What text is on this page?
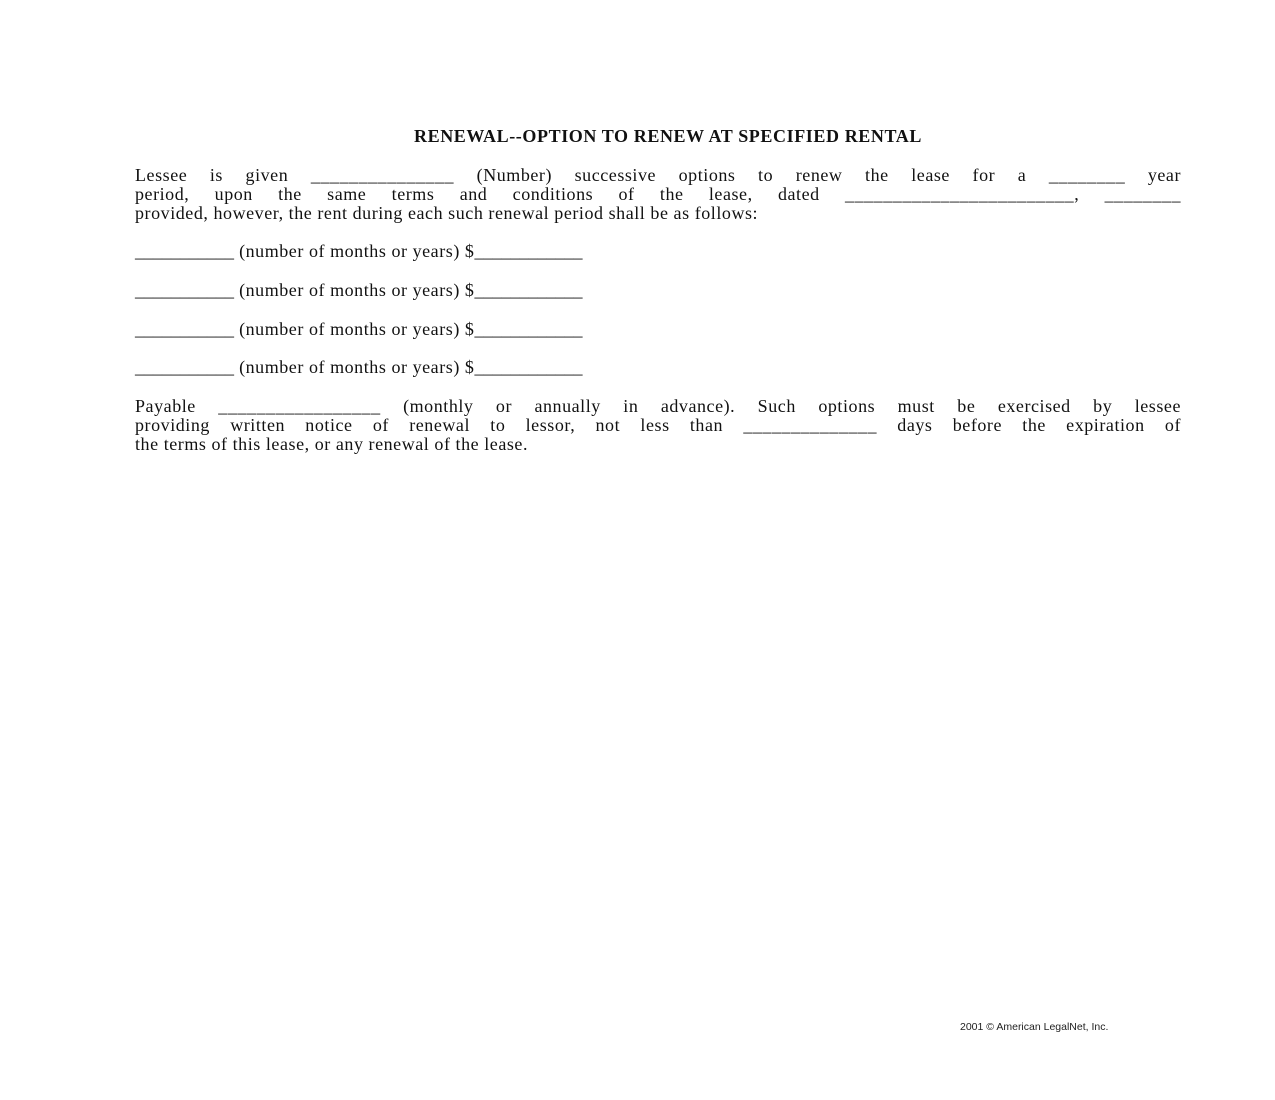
RENEWAL--OPTION TO RENEW AT SPECIFIED RENTAL

Lessee is given _______________ (Number) successive options to renew the lease for a ________ year

period, upon the same terms and conditions of the lease, dated ________________________, ________

provided, however, the rent during each such renewal period shall be as follows:

___________ (number of months or years) $____________

___________ (number of months or years) $____________

___________ (number of months or years) $____________

___________ (number of months or years) $____________

Payable _________________ (monthly or annually in advance). Such options must be exercised by lessee

providing written notice of renewal to lessor, not less than ______________ days before the expiration of

the terms of this lease, or any renewal of the lease.

2001 © American LegalNet, Inc.
